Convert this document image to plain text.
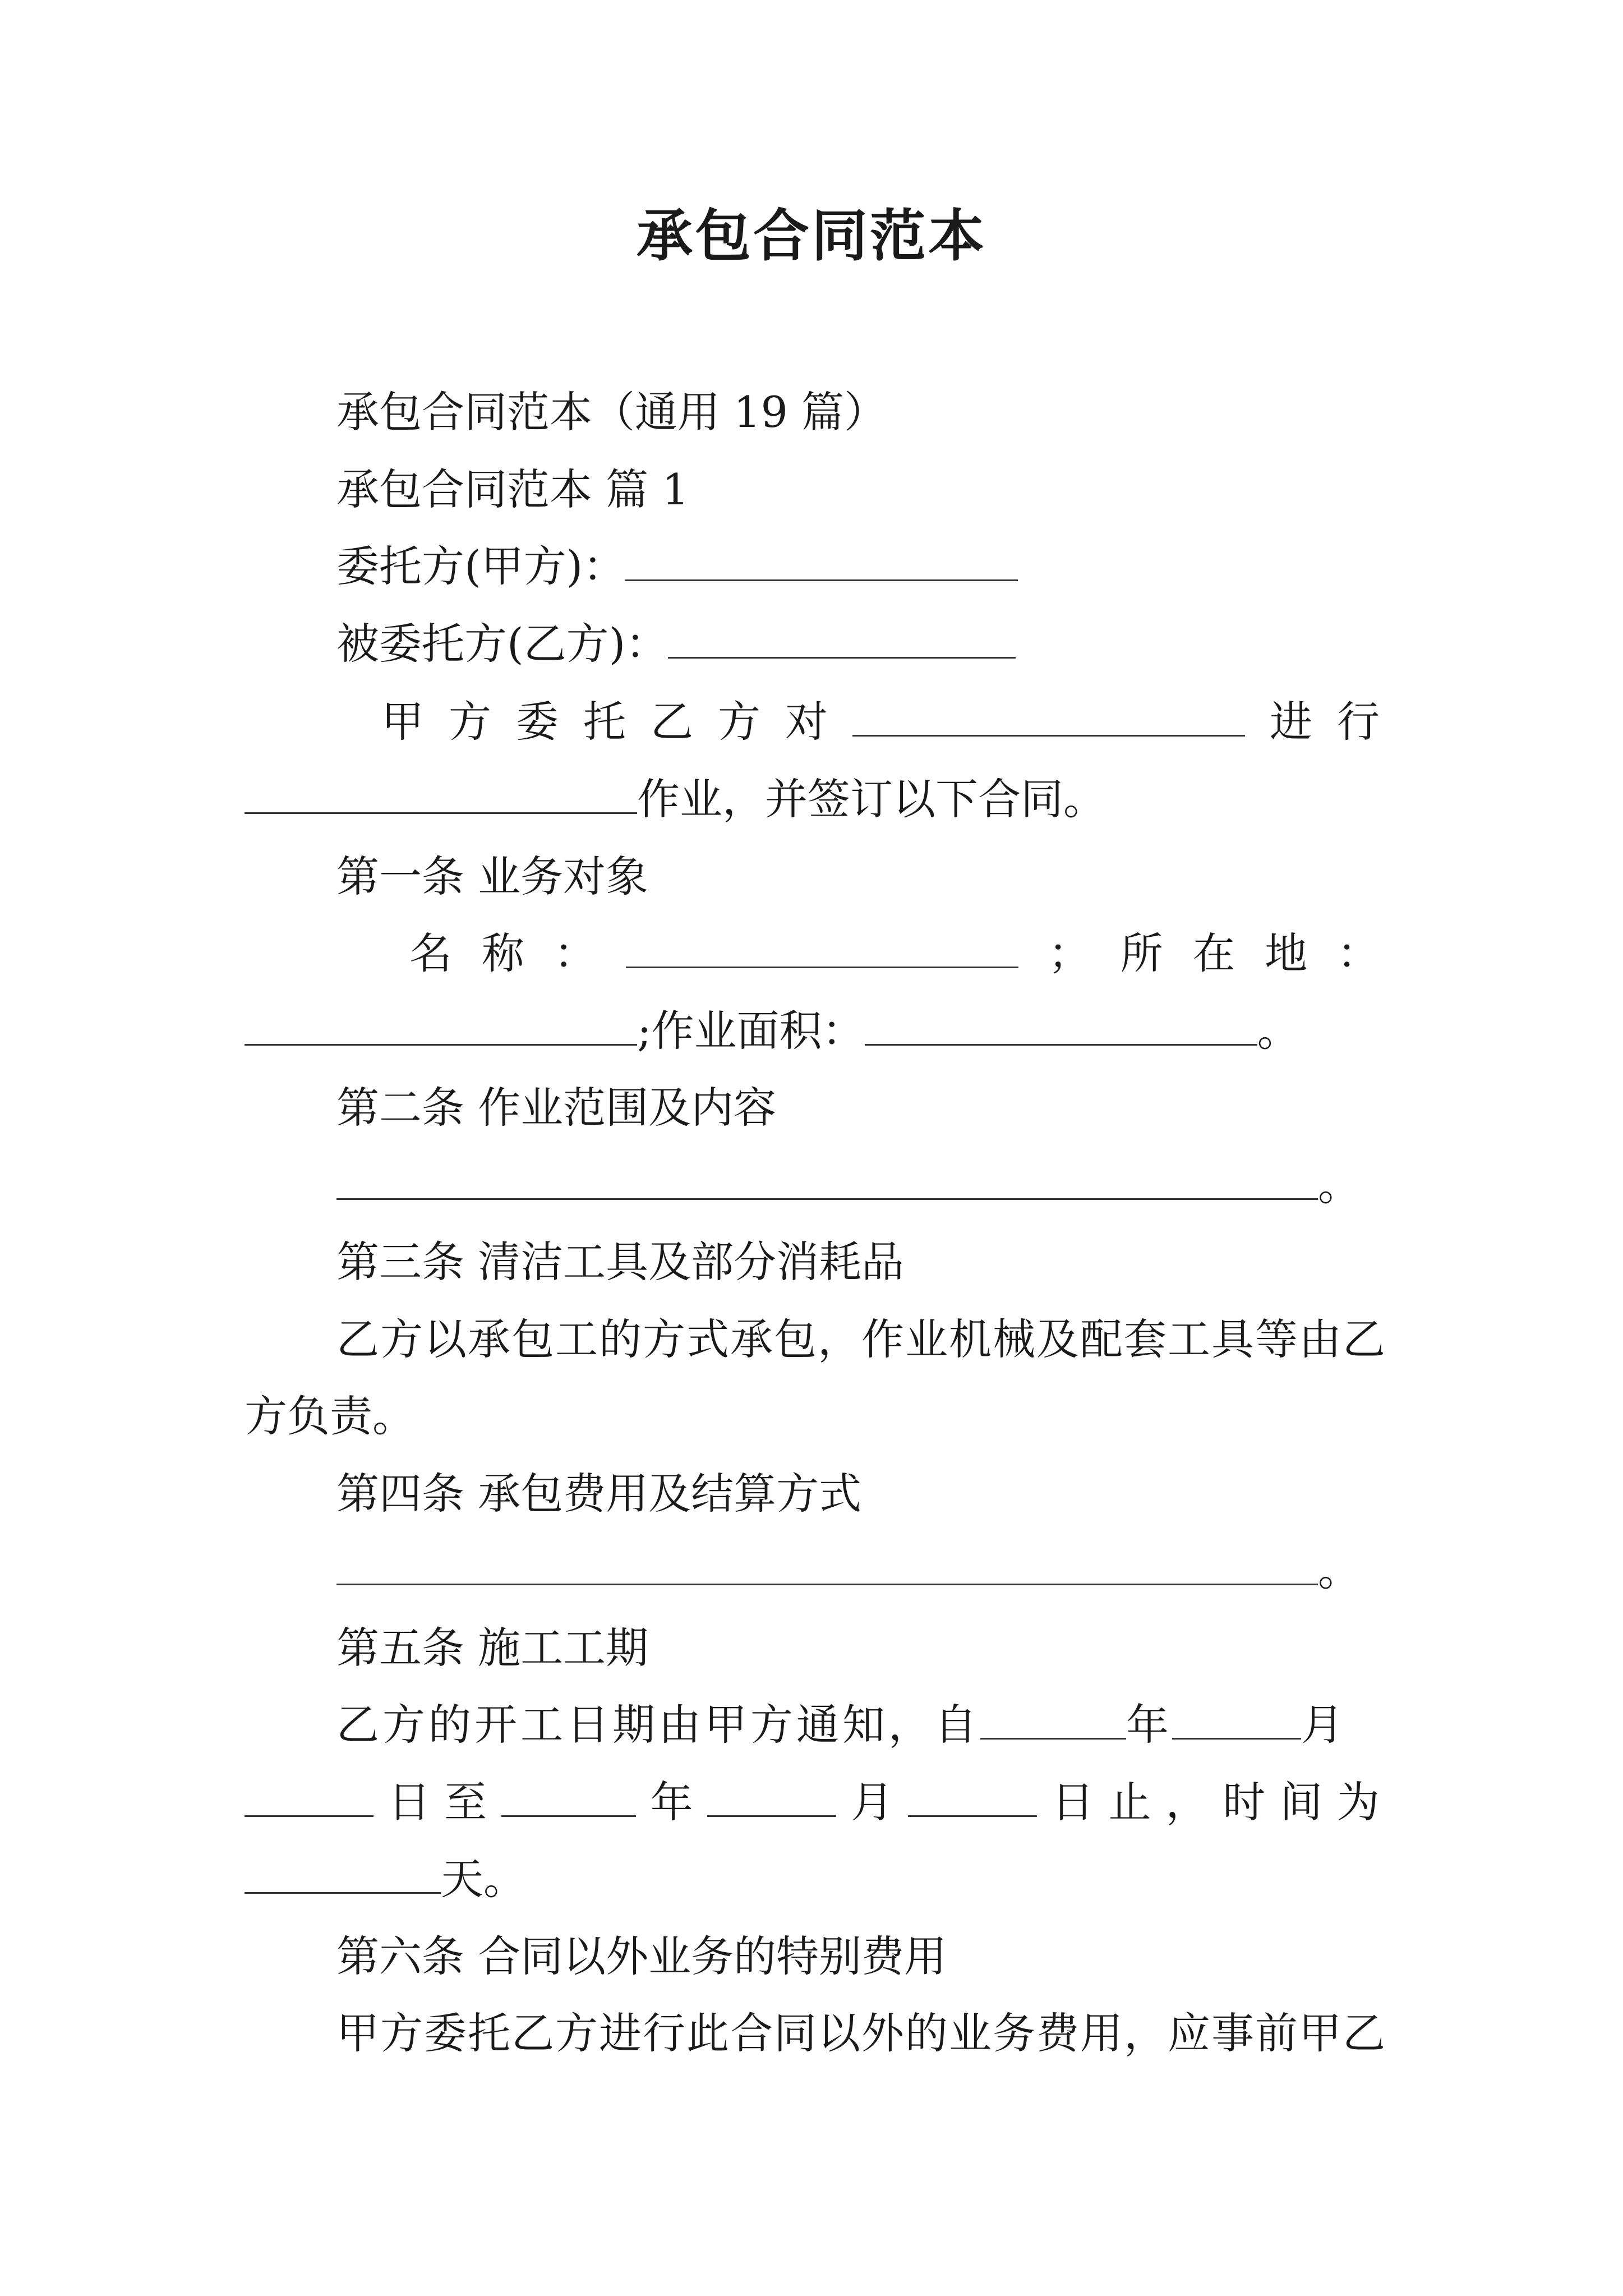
承包合同范本
承包合同范本（通用 19 篇）
承包合同范本 篇 1
委托方(甲方)：
被委托方(乙方)：
甲 方 委 托 乙 方 对	进 行
作业，并签订以下合同。
第一条 业务对象
名 称 ：	； 所 在 地 ：
;作业面积：	。
第二条 作业范围及内容
。
第三条 清洁工具及部分消耗品
乙方以承包工的方式承包，作业机械及配套工具等由乙
方负责。
第四条 承包费用及结算方式
。
第五条 施工工期
乙方的开工日期由甲方通知，自	年	月
日 至	年	月	日 止 ， 时 间 为
天。
第六条 合同以外业务的特别费用
甲方委托乙方进行此合同以外的业务费用，应事前甲乙
